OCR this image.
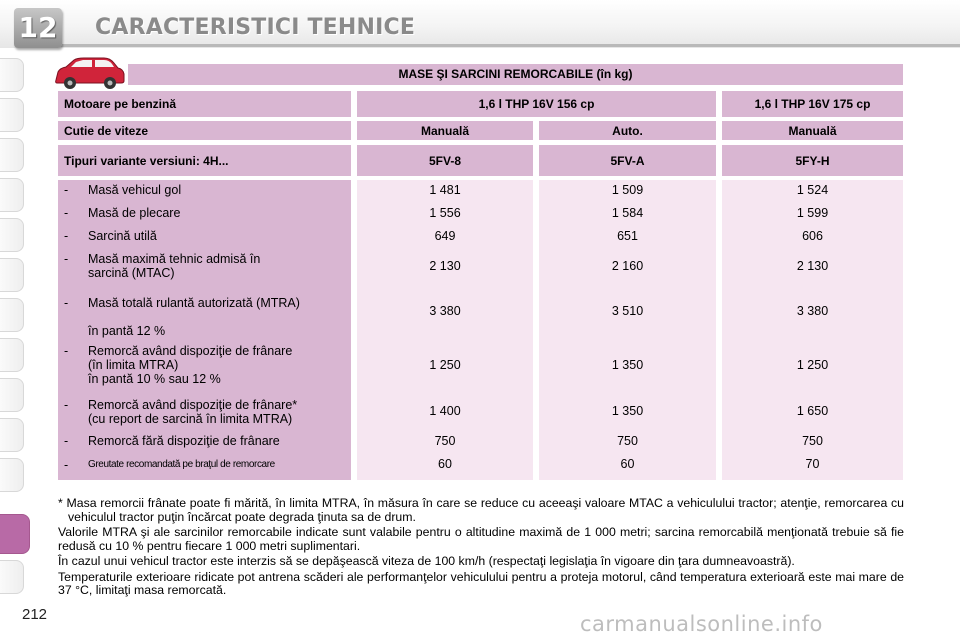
12 CARACTERISTICI TEHNICE
MASE ŞI SARCINI REMORCABILE (în kg)
Motoare pe benzină	1,6 l THP 16V 156 cp	1,6 l THP 16V 175 cp
Cutie de viteze	Manuală	Auto.	Manuală
Tipuri variante versiuni: 4H...	5FV-8	5FV-A	5FY-H
- Masă vehicul gol	1 481	1 509	1 524
- Masă de plecare	1 556	1 584	1 599
- Sarcină utilă	649	651	606
- Masă maximă tehnic admisă în
sarcină (MTAC)	2 130	2 160	2 130
- Masă totală rulantă autorizată (MTRA)

în pantă 12 %
3 380	3 510	3 380
- Remorcă având dispoziţie de frânare
(în limita MTRA)
în pantă 10 % sau 12 %
1 250	1 350	1 250
- Remorcă având dispoziţie de frânare*
(cu report de sarcină în limita MTRA)
1 400	1 350	1 650
- Remorcă fără dispoziţie de frânare	750	750	750
- Greutate recomandată pe braţul de remorcare	60	60	70

* Masa remorcii frânate poate fi mărită, în limita MTRA, în măsura în care se reduce cu aceeaşi valoare MTAC a vehiculului tractor; atenţie, remorcarea cu vehiculul tractor puţin încărcat poate degrada ţinuta sa de drum.

Valorile MTRA şi ale sarcinilor remorcabile indicate sunt valabile pentru o altitudine maximă de 1 000 metri; sarcina remorcabilă menţionată trebuie să fie redusă cu 10 % pentru fiecare 1 000 metri suplimentari.

În cazul unui vehicul tractor este interzis să se depăşească viteza de 100 km/h (respectaţi legislaţia în vigoare din ţara dumneavoastră).

Temperaturile exterioare ridicate pot antrena scăderi ale performanţelor vehiculului pentru a proteja motorul, când temperatura exterioară este mai mare de 37 °C, limitaţi masa remorcată.

212	carmanualsonline.info
